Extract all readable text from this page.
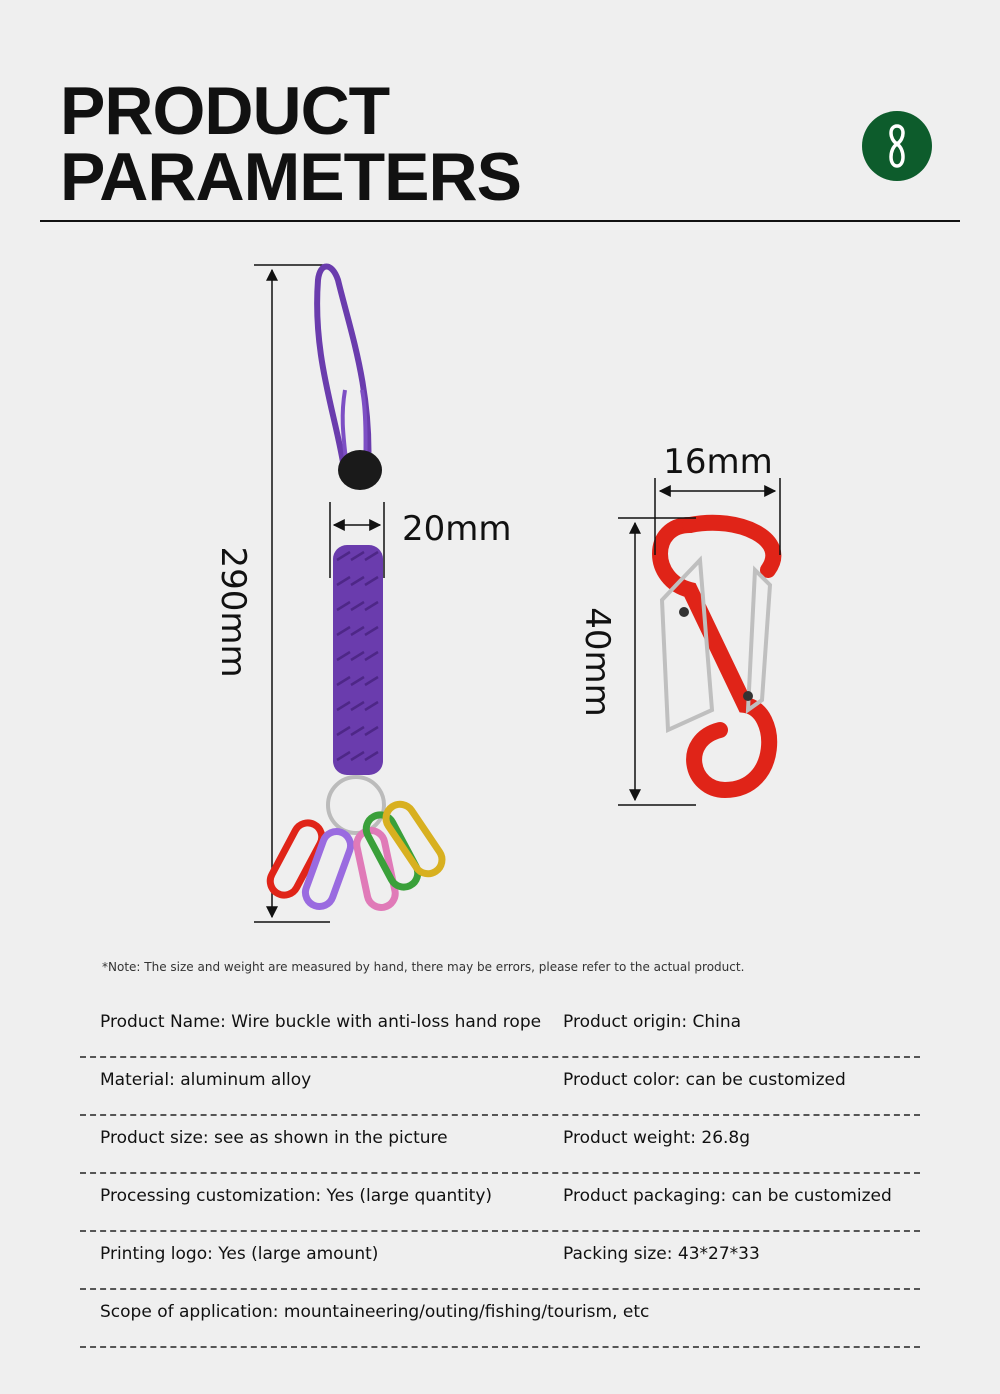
PRODUCT
PARAMETERS
290mm
20mm
16mm
40mm
*Note: The size and weight are measured by hand, there may be errors, please refer to the actual product.
Product Name: Wire buckle with anti-loss hand rope Product origin: China
Material: aluminum alloy	Product color: can be customized
Product size: see as shown in the picture	Product weight: 26.8g
Processing customization: Yes (large quantity)	Product packaging: can be customized
Printing logo: Yes (large amount)	Packing size: 43*27*33
Scope of application: mountaineering/outing/fishing/tourism, etc
